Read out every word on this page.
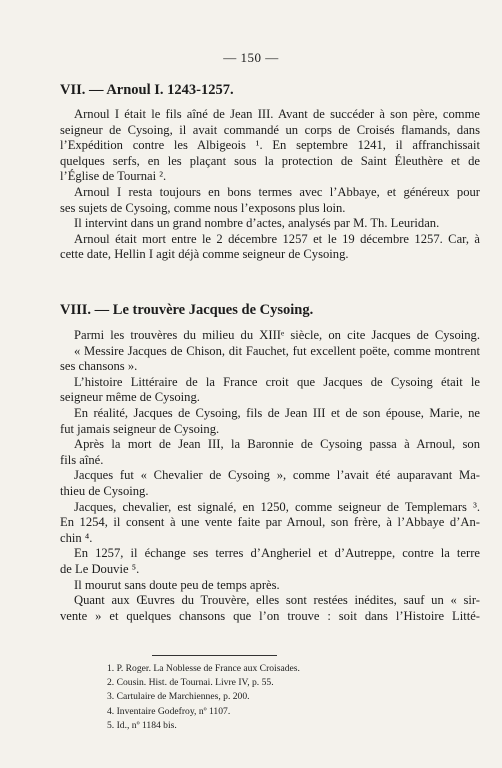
— 150 —
VII. — Arnoul I. 1243-1257.
Arnoul I était le fils aîné de Jean III. Avant de succéder à son père, comme
seigneur de Cysoing, il avait commandé un corps de Croisés flamands, dans
l’Expédition contre les Albigeois ¹. En septembre 1241, il affranchissait
quelques serfs, en les plaçant sous la protection de Saint Éleuthère et de
l’Église de Tournai ².
Arnoul I resta toujours en bons termes avec l’Abbaye, et généreux pour
ses sujets de Cysoing, comme nous l’exposons plus loin.
Il intervint dans un grand nombre d’actes, analysés par M. Th. Leuridan.
Arnoul était mort entre le 2 décembre 1257 et le 19 décembre 1257. Car, à
cette date, Hellin I agit déjà comme seigneur de Cysoing.
VIII. — Le trouvère Jacques de Cysoing.
Parmi les trouvères du milieu du XIIIᵉ siècle, on cite Jacques de Cysoing.
« Messire Jacques de Chison, dit Fauchet, fut excellent poëte, comme montrent
ses chansons ».
L’histoire Littéraire de la France croit que Jacques de Cysoing était le
seigneur même de Cysoing.
En réalité, Jacques de Cysoing, fils de Jean III et de son épouse, Marie, ne
fut jamais seigneur de Cysoing.
Après la mort de Jean III, la Baronnie de Cysoing passa à Arnoul, son
fils aîné.
Jacques fut « Chevalier de Cysoing », comme l’avait été auparavant Ma-
thieu de Cysoing.
Jacques, chevalier, est signalé, en 1250, comme seigneur de Templemars ³.
En 1254, il consent à une vente faite par Arnoul, son frère, à l’Abbaye d’An-
chin ⁴.
En 1257, il échange ses terres d’Angheriel et d’Autreppe, contre la terre
de Le Douvie ⁵.
Il mourut sans doute peu de temps après.
Quant aux Œuvres du Trouvère, elles sont restées inédites, sauf un « sir-
vente » et quelques chansons que l’on trouve : soit dans l’Histoire Litté-
1. P. Roger. La Noblesse de France aux Croisades.
2. Cousin. Hist. de Tournai. Livre IV, p. 55.
3. Cartulaire de Marchiennes, p. 200.
4. Inventaire Godefroy, nº 1107.
5. Id., nº 1184 bis.
